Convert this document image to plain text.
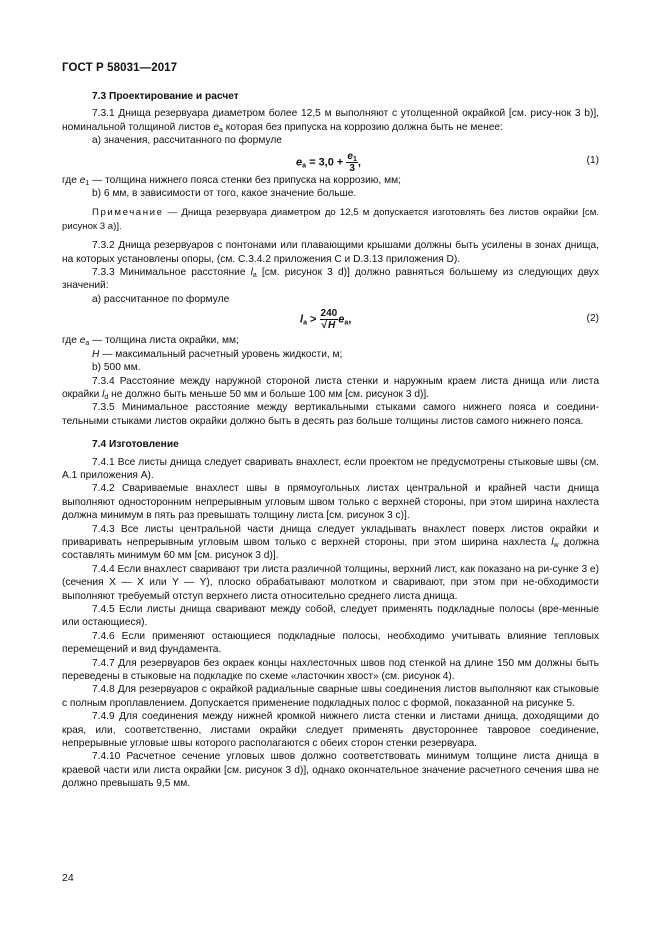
ГОСТ Р 58031—2017
7.3 Проектирование и расчет

7.3.1 Днища резервуара диаметром более 12,5 м выполняют с утолщенной окрайкой [см. рису-нок 3 b)], номинальной толщиной листов $e_a$ которая без припуска на коррозию должна быть не менее:

а) значения, рассчитанного по формуле

$e_a = 3,0 + \frac{e_1}{3}$ ,	(1)

где $e_1$ — толщина нижнего пояса стенки без припуска на коррозию, мм;

b) 6 мм, в зависимости от того, какое значение больше.

Примечание — Днища резервуара диаметром до 12,5 м допускается изготовлять без листов окрайки [см. рисунок 3 а)].

7.3.2 Днища резервуаров с понтонами или плавающими крышами должны быть усилены в зонах днища, на которых установлены опоры, (см. С.3.4.2 приложения С и D.3.13 приложения D).

7.3.3 Минимальное расстояние $l_a$ [см. рисунок 3 d)] должно равняться большему из следующих двух значений:

а) рассчитанное по формуле

$l_a > \frac{240}{√H} e_a$,	(2)

где $e_a$ — толщина листа окрайки, мм;

H — максимальный расчетный уровень жидкости, м;

b) 500 мм.

7.3.4 Расстояние между наружной стороной листа стенки и наружным краем листа днища или листа окрайки $l_d$ не должно быть меньше 50 мм и больше 100 мм [см. рисунок 3 d)].

7.3.5 Минимальное расстояние между вертикальными стыками самого нижнего пояса и соедини-тельными стыками листов окрайки должно быть в десять раз больше толщины листов самого нижнего пояса.

7.4 Изготовление

7.4.1 Все листы днища следует сваривать внахлест, если проектом не предусмотрены стыковые швы (см. А.1 приложения А).

7.4.2 Свариваемые внахлест швы в прямоугольных листах центральной и крайней части днища выполняют односторонним непрерывным угловым швом только с верхней стороны, при этом ширина нахлеста должна минимум в пять раз превышать толщину листа [см. рисунок 3 с)].

7.4.3 Все листы центральной части днища следует укладывать внахлест поверх листов окрайки и приваривать непрерывным угловым швом только с верхней стороны, при этом ширина нахлеста $l_w$ должна составлять минимум 60 мм [см. рисунок 3 d)].

7.4.4 Если внахлест сваривают три листа различной толщины, верхний лист, как показано на ри-сунке 3 е) (сечения X — X или Y — Y), плоско обрабатывают молотком и сваривают, при этом при не-обходимости выполняют требуемый отступ верхнего листа относительно среднего листа днища.

7.4.5 Если листы днища сваривают между собой, следует применять подкладные полосы (вре-менные или остающиеся).

7.4.6 Если применяют остающиеся подкладные полосы, необходимо учитывать влияние тепловых перемещений и вид фундамента.

7.4.7 Для резервуаров без окраек концы нахлесточных швов под стенкой на длине 150 мм должны быть переведены в стыковые на подкладке по схеме «ласточкин хвост» (см. рисунок 4).

7.4.8 Для резервуаров с окрайкой радиальные сварные швы соединения листов выполняют как стыковые с полным проплавлением. Допускается применение подкладных полос с формой, показанной на рисунке 5.

7.4.9 Для соединения между нижней кромкой нижнего листа стенки и листами днища, доходящими до края, или, соответственно, листами окрайки следует применять двустороннее тавровое соединение, непрерывные угловые швы которого располагаются с обеих сторон стенки резервуара.

7.4.10 Расчетное сечение угловых швов должно соответствовать минимум толщине листа днища в краевой части или листа окрайки [см. рисунок 3 d)], однако окончательное значение расчетного сечения шва не должно превышать 9,5 мм.

24
